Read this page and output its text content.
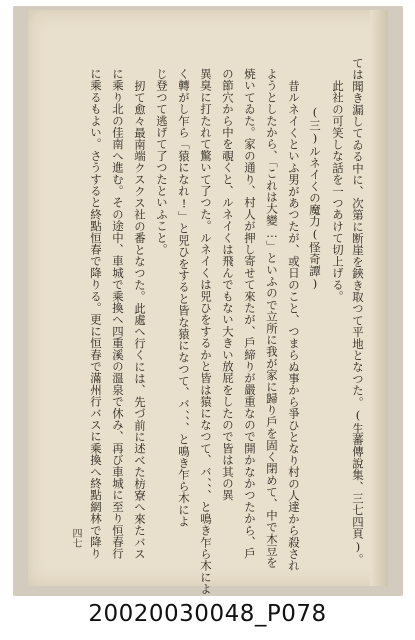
ては聞き漏してゐる中に、次第に断崖を鋏き取つて平地となつた。(生蕃傳說集、三七四頁)。
此社の可笑しな話を一つあけて切上げる。
(三)ルネイくの魔力(怪奇譚)
昔ルネイくといふ男があつたが、或日のこと、つまらぬ事から爭ひとなり村の人達から殺され
ようとしたから、「これは大變…」といふので立所に我が家に歸り戶を固く閉めて、中で木豆を
焼いてゐた。家の通り、村人が押し寄せて來たが、戶締りが嚴重なので開かなかつたから、戶
の節穴から中を覗くと、ルネイくは飛んでもない大きい放屁をしたので皆は其の異
異臭に打たれて驚いて了つた。ルネイくは兕ひをするかと皆は猿になつて、バ、、、と鳴き乍ら木によ
く轉がし乍ら「猿になれ!」と兕ひをすると皆な猿になつて、バ、、、と鳴き乍ら木によ
じ登つて逃げて了つたといふこと。
扨て愈々最南端クスクス社の番となつた。此處へ行くには、先づ前に述べた枋寮へ來たバス
に乘り北の佳南へ進む。その途中、車城で乘換へ四重溪の溫泉で休み、再び車城に至り恒春行
に乘るもよい。さうすると終點恒春で降りる。更に恒春で滿州行バスに乘換へ終點網林で降り
四七
20020030048_P078
